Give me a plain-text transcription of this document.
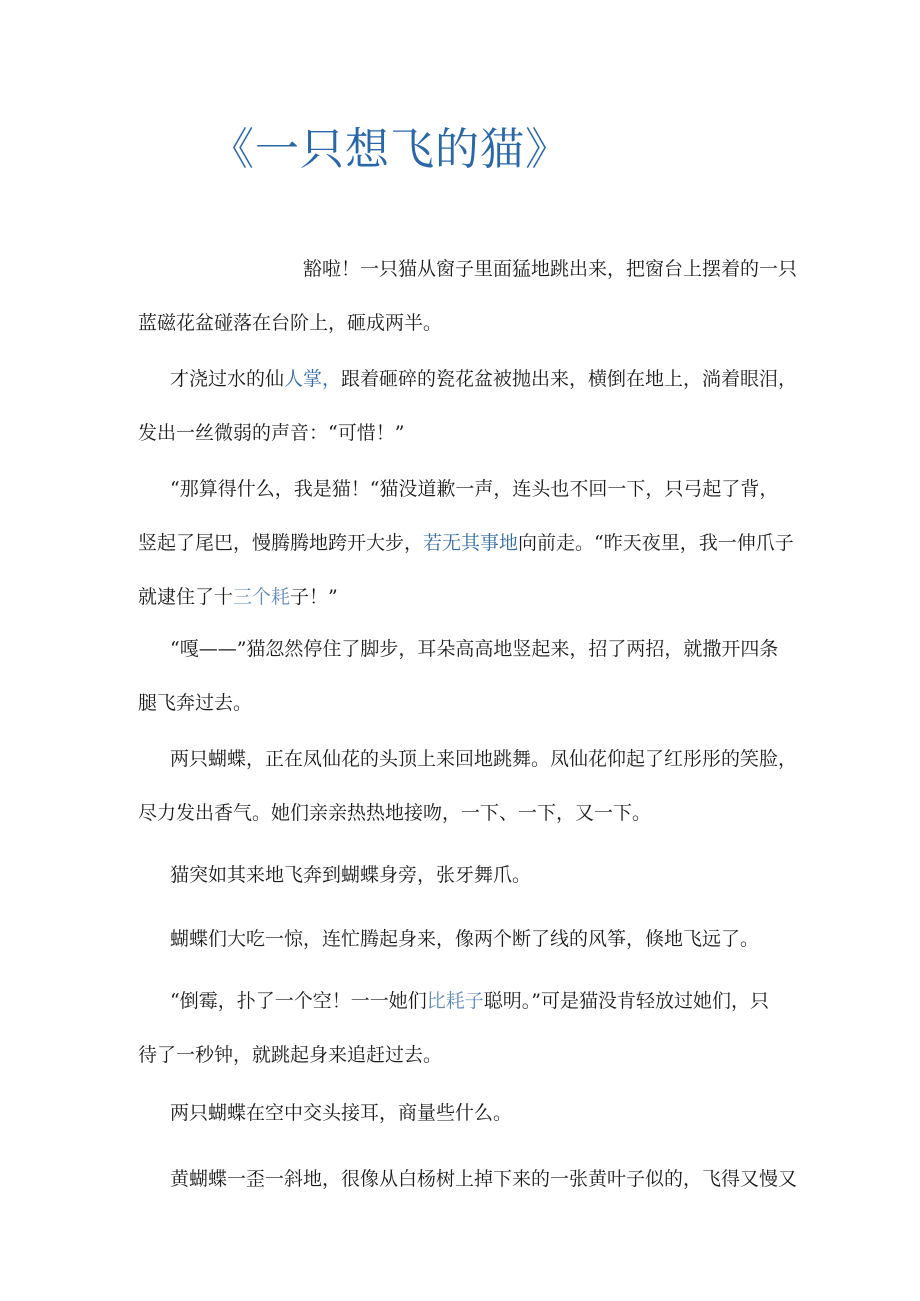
《一只想飞的猫》

豁啦！一只猫从窗子里面猛地跳出来，把窗台上摆着的一只
蓝磁花盆碰落在台阶上，砸成两半。

才浇过水的仙人掌，跟着砸碎的瓷花盆被抛出来，横倒在地上，淌着眼泪，
发出一丝微弱的声音：“可惜！”

“那算得什么，我是猫！“猫没道歉一声，连头也不回一下，只弓起了背，
竖起了尾巴，慢腾腾地跨开大步，若无其事地向前走。“昨天夜里，我一伸爪子
就逮住了十三个耗子！”

“嘎——”猫忽然停住了脚步，耳朵高高地竖起来，招了两招，就撒开四条
腿飞奔过去。

两只蝴蝶，正在凤仙花的头顶上来回地跳舞。凤仙花仰起了红彤彤的笑脸，
尽力发出香气。她们亲亲热热地接吻，一下、一下，又一下。

猫突如其来地飞奔到蝴蝶身旁，张牙舞爪。

蝴蝶们大吃一惊，连忙腾起身来，像两个断了线的风筝，倏地飞远了。

“倒霉，扑了一个空！一一她们比耗子聪明。”可是猫没肯轻放过她们，只
待了一秒钟，就跳起身来追赶过去。

两只蝴蝶在空中交头接耳，商量些什么。

黄蝴蝶一歪一斜地，很像从白杨树上掉下来的一张黄叶子似的，飞得又慢又
